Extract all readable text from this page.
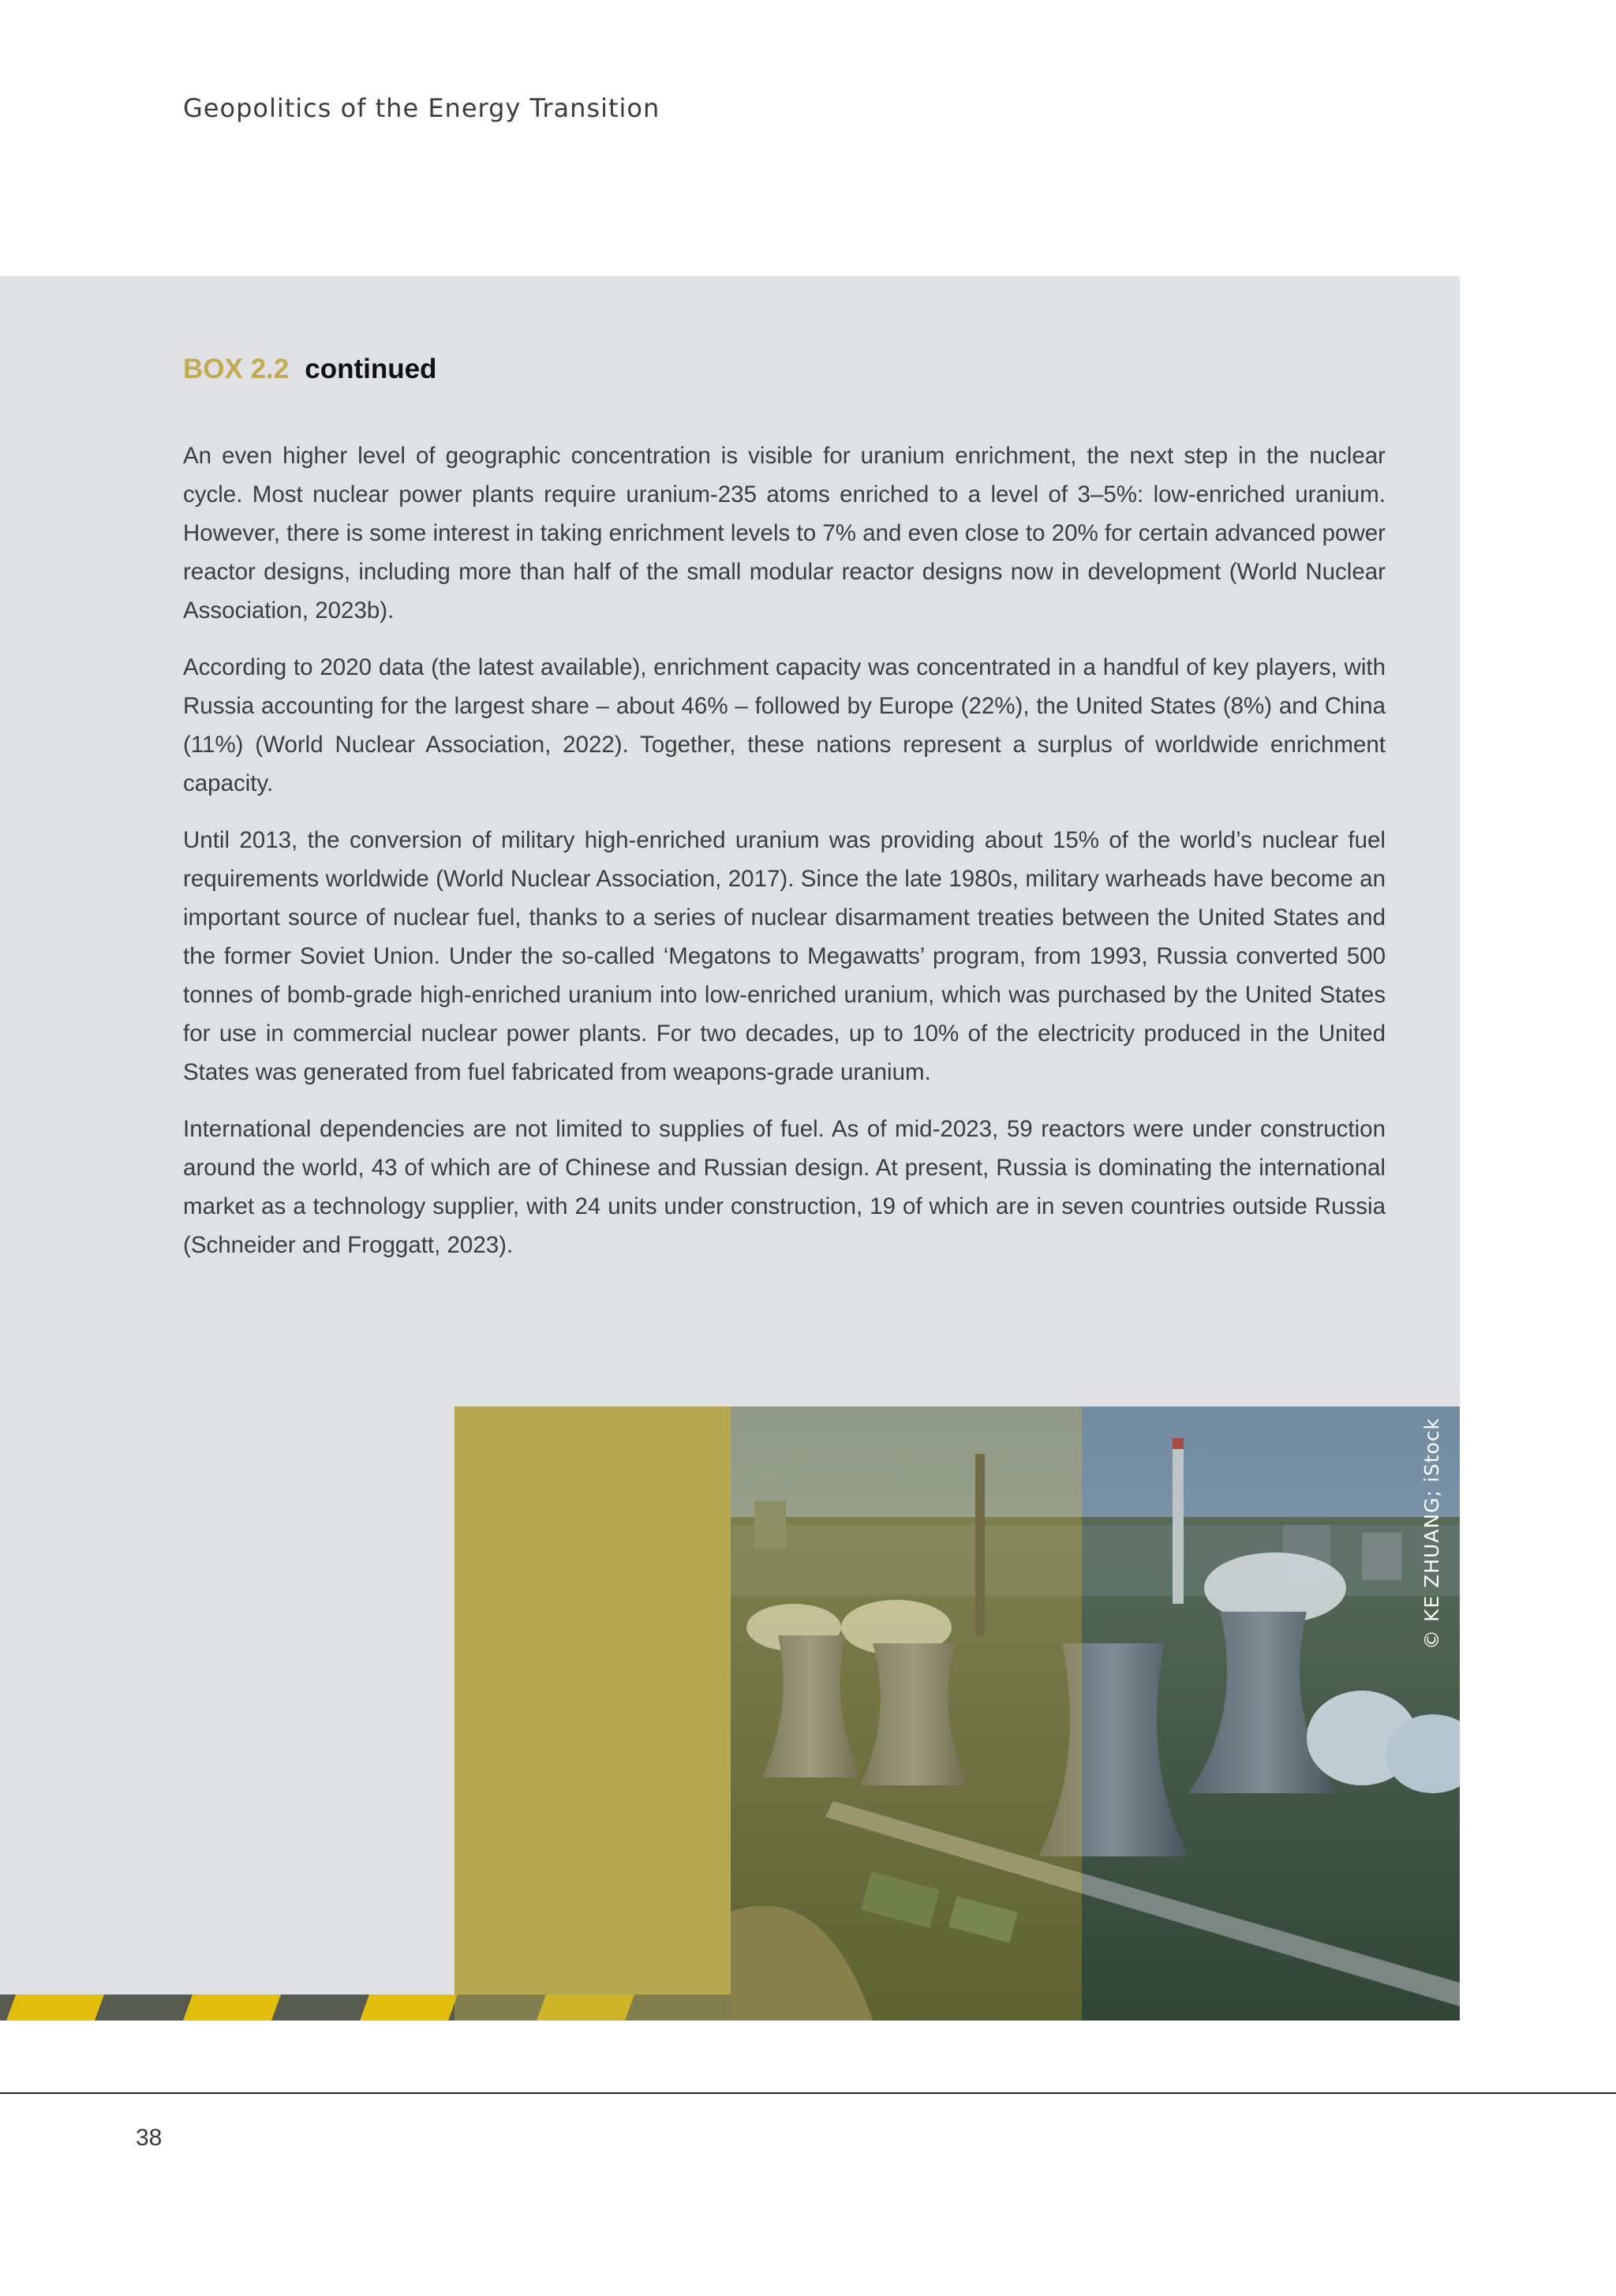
Geopolitics of the Energy Transition
BOX 2.2 continued

An even higher level of geographic concentration is visible for uranium enrichment, the next step in the nuclear cycle. Most nuclear power plants require uranium-235 atoms enriched to a level of 3–5%: low-enriched uranium. However, there is some interest in taking enrichment levels to 7% and even close to 20% for certain advanced power reactor designs, including more than half of the small modular reactor designs now in development (World Nuclear Association, 2023b).

According to 2020 data (the latest available), enrichment capacity was concentrated in a handful of key players, with Russia accounting for the largest share – about 46% – followed by Europe (22%), the United States (8%) and China (11%) (World Nuclear Association, 2022). Together, these nations represent a surplus of worldwide enrichment capacity.

Until 2013, the conversion of military high-enriched uranium was providing about 15% of the world’s nuclear fuel requirements worldwide (World Nuclear Association, 2017). Since the late 1980s, military warheads have become an important source of nuclear fuel, thanks to a series of nuclear disarmament treaties between the United States and the former Soviet Union. Under the so-called ‘Megatons to Megawatts’ program, from 1993, Russia converted 500 tonnes of bomb-grade high-enriched uranium into low-enriched uranium, which was purchased by the United States for use in commercial nuclear power plants. For two decades, up to 10% of the electricity produced in the United States was generated from fuel fabricated from weapons-grade uranium.

International dependencies are not limited to supplies of fuel. As of mid-2023, 59 reactors were under construction around the world, 43 of which are of Chinese and Russian design. At present, Russia is dominating the international market as a technology supplier, with 24 units under construction, 19 of which are in seven countries outside Russia (Schneider and Froggatt, 2023).

© KE ZHUANG; iStock
38
